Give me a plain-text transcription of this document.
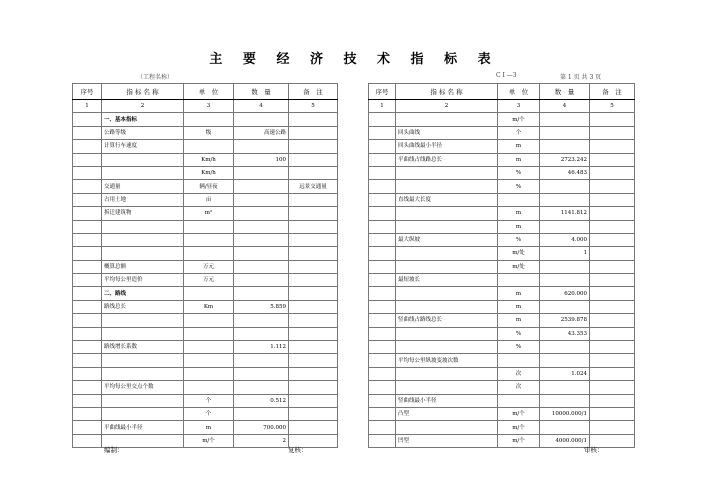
主 要 经 济 技 术 指 标 表
（工程名称）	C I —3	第 1 页 共 3 页
序号	指 标 名 称	单　位	数　量	备　注
1	2	3	4	5
	一、基本指标			
	公路等级	级	高速公路	
	计算行车速度			
		Km/h	100	
		Km/h		
	交通量	辆/昼夜		远景交通量
	占用土地	亩		
	拆迁建筑物	m²		

	概算总额	万元		
	平均每公里造价	万元		
	二、路线			
	路线总长	Km	5.859	

	路线增长系数		1.112	

	平均每公里交点个数			
		个	0.512	
		个		
	平曲线最小半径	m	700.000	
		m/个	2	
序号	指 标 名 称	单　位	数　量	备　注
1	2	3	4	5
		m/个		
	回头曲线	个		
	回头曲线最小半径	m		
	平曲线占线路总长	m	2723.242	
		%	46.483	
		%		
	直线最大长度			
		m	1141.812	
		m		
	最大纵坡	%	4.000	
		m/处	1	
		m/处		
	最短坡长			
		m	620.000	
		m		
	竖曲线占路线总长	m	2539.878	
		%	43.353	
		%		
	平均每公里纵坡变坡次数			
		次	1.024	
		次		
	竖曲线最小半径			
	凸型	m/个	10000.000/1	
		m/个		
	凹型	m/个	4000.000/1	
编制：	复核：	审核：
